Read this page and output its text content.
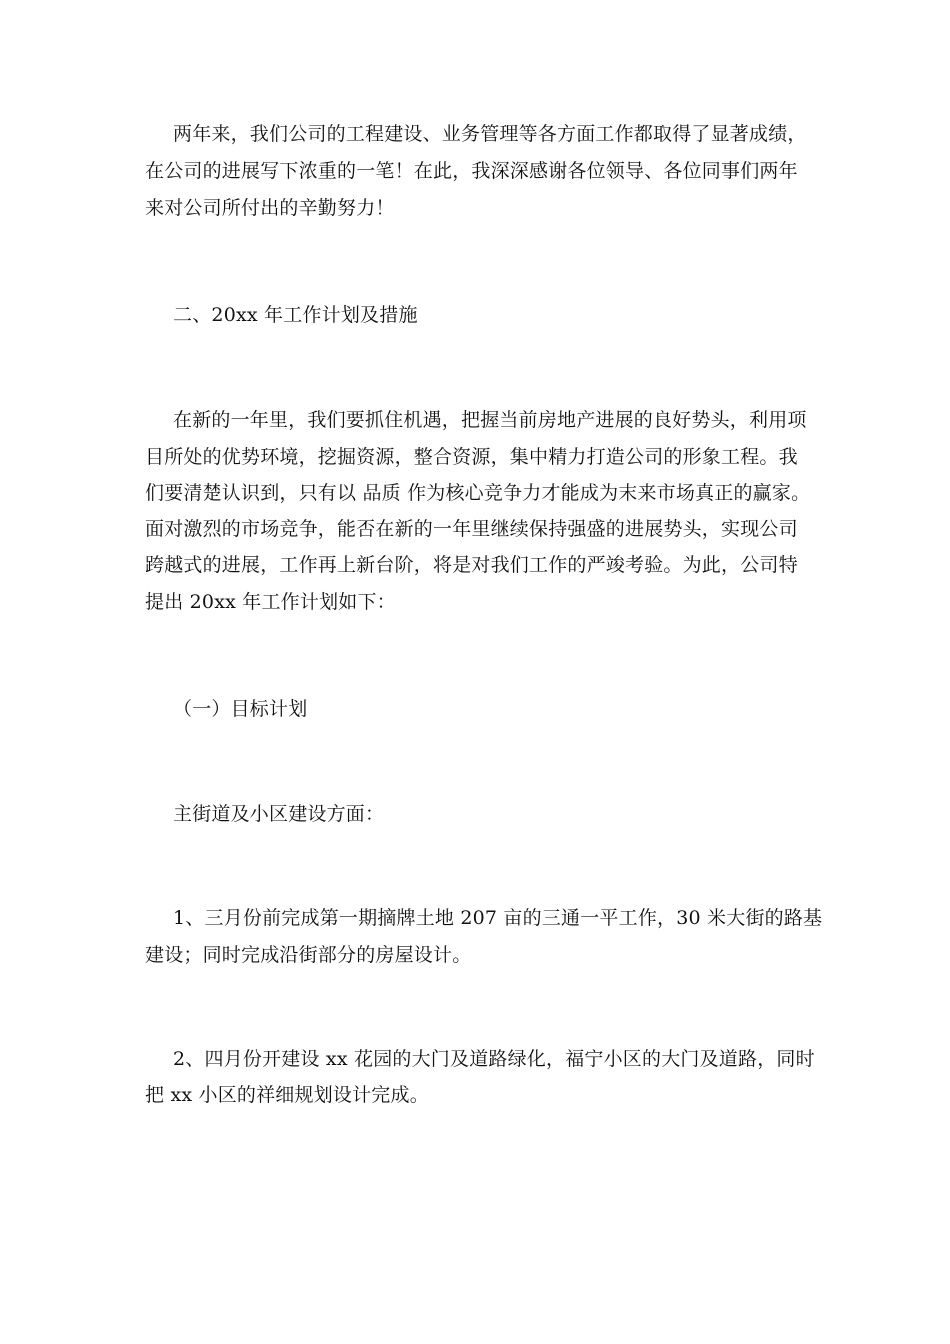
两年来，我们公司的工程建设、业务管理等各方面工作都取得了显著成绩，
在公司的进展写下浓重的一笔！在此，我深深感谢各位领导、各位同事们两年
来对公司所付出的辛勤努力！
二、20xx 年工作计划及措施
在新的一年里，我们要抓住机遇，把握当前房地产进展的良好势头，利用项
目所处的优势环境，挖掘资源，整合资源，集中精力打造公司的形象工程。我
们要清楚认识到，只有以 品质 作为核心竞争力才能成为末来市场真正的赢家。
面对激烈的市场竞争，能否在新的一年里继续保持强盛的进展势头，实现公司
跨越式的进展，工作再上新台阶，将是对我们工作的严竣考验。为此，公司特
提出 20xx 年工作计划如下：
（一）目标计划
主街道及小区建设方面：
1、三月份前完成第一期摘牌土地 207 亩的三通一平工作，30 米大街的路基
建设；同时完成沿街部分的房屋设计。
2、四月份开建设 xx 花园的大门及道路绿化，福宁小区的大门及道路，同时
把 xx 小区的祥细规划设计完成。
